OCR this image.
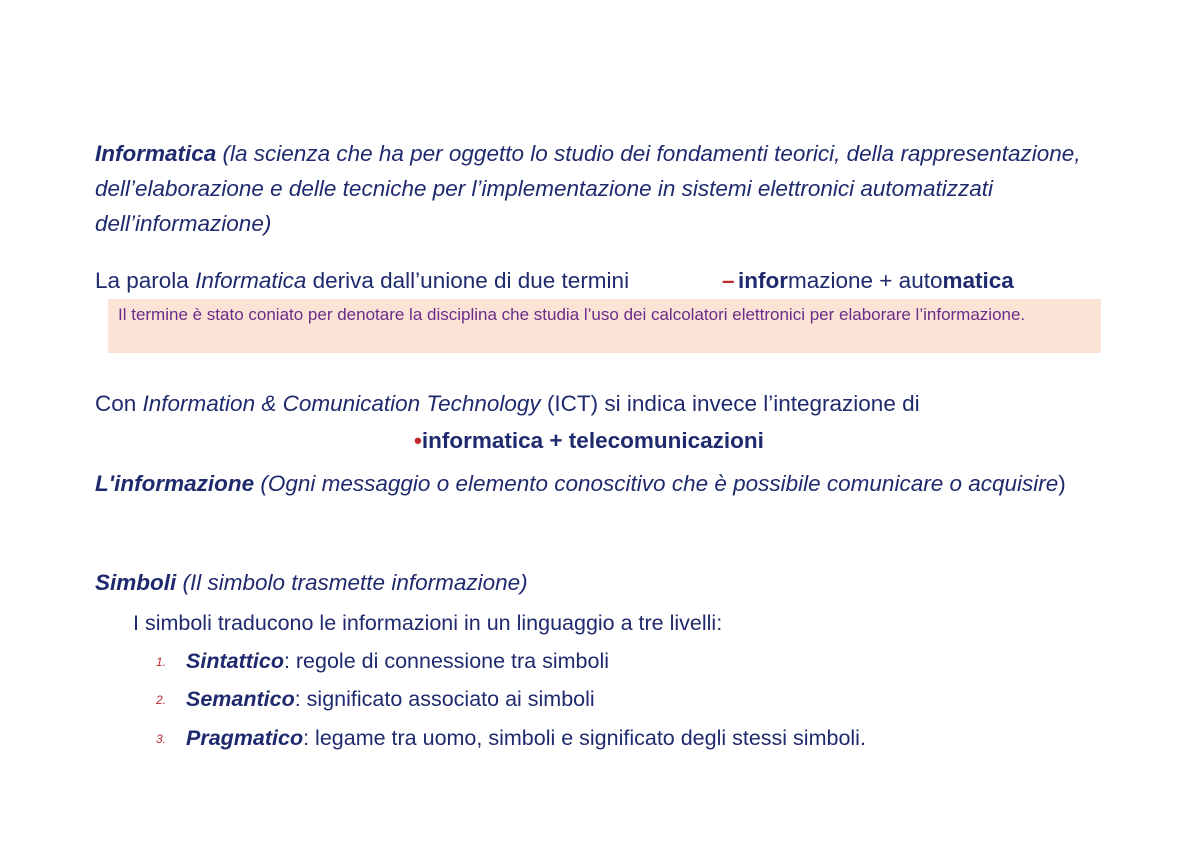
Informatica (la scienza che ha per oggetto lo studio dei fondamenti teorici, della rappresentazione, dell’elaborazione e delle tecniche per l’implementazione in sistemi elettronici automatizzati dell’informazione)
La parola Informatica deriva dall’unione di due termini	– informazione + automatica
Il termine è stato coniato per denotare la disciplina che studia l’uso dei calcolatori elettronici per elaborare l’informazione.
Con Information & Comunication Technology (ICT) si indica invece l’integrazione di
•informatica + telecomunicazioni
L'informazione (Ogni messaggio o elemento conoscitivo che è possibile comunicare o acquisire)
Simboli (Il simbolo trasmette informazione)
I simboli traducono le informazioni in un linguaggio a tre livelli:
1. Sintattico: regole di connessione tra simboli
2. Semantico: significato associato ai simboli
3. Pragmatico: legame tra uomo, simboli e significato degli stessi simboli.
